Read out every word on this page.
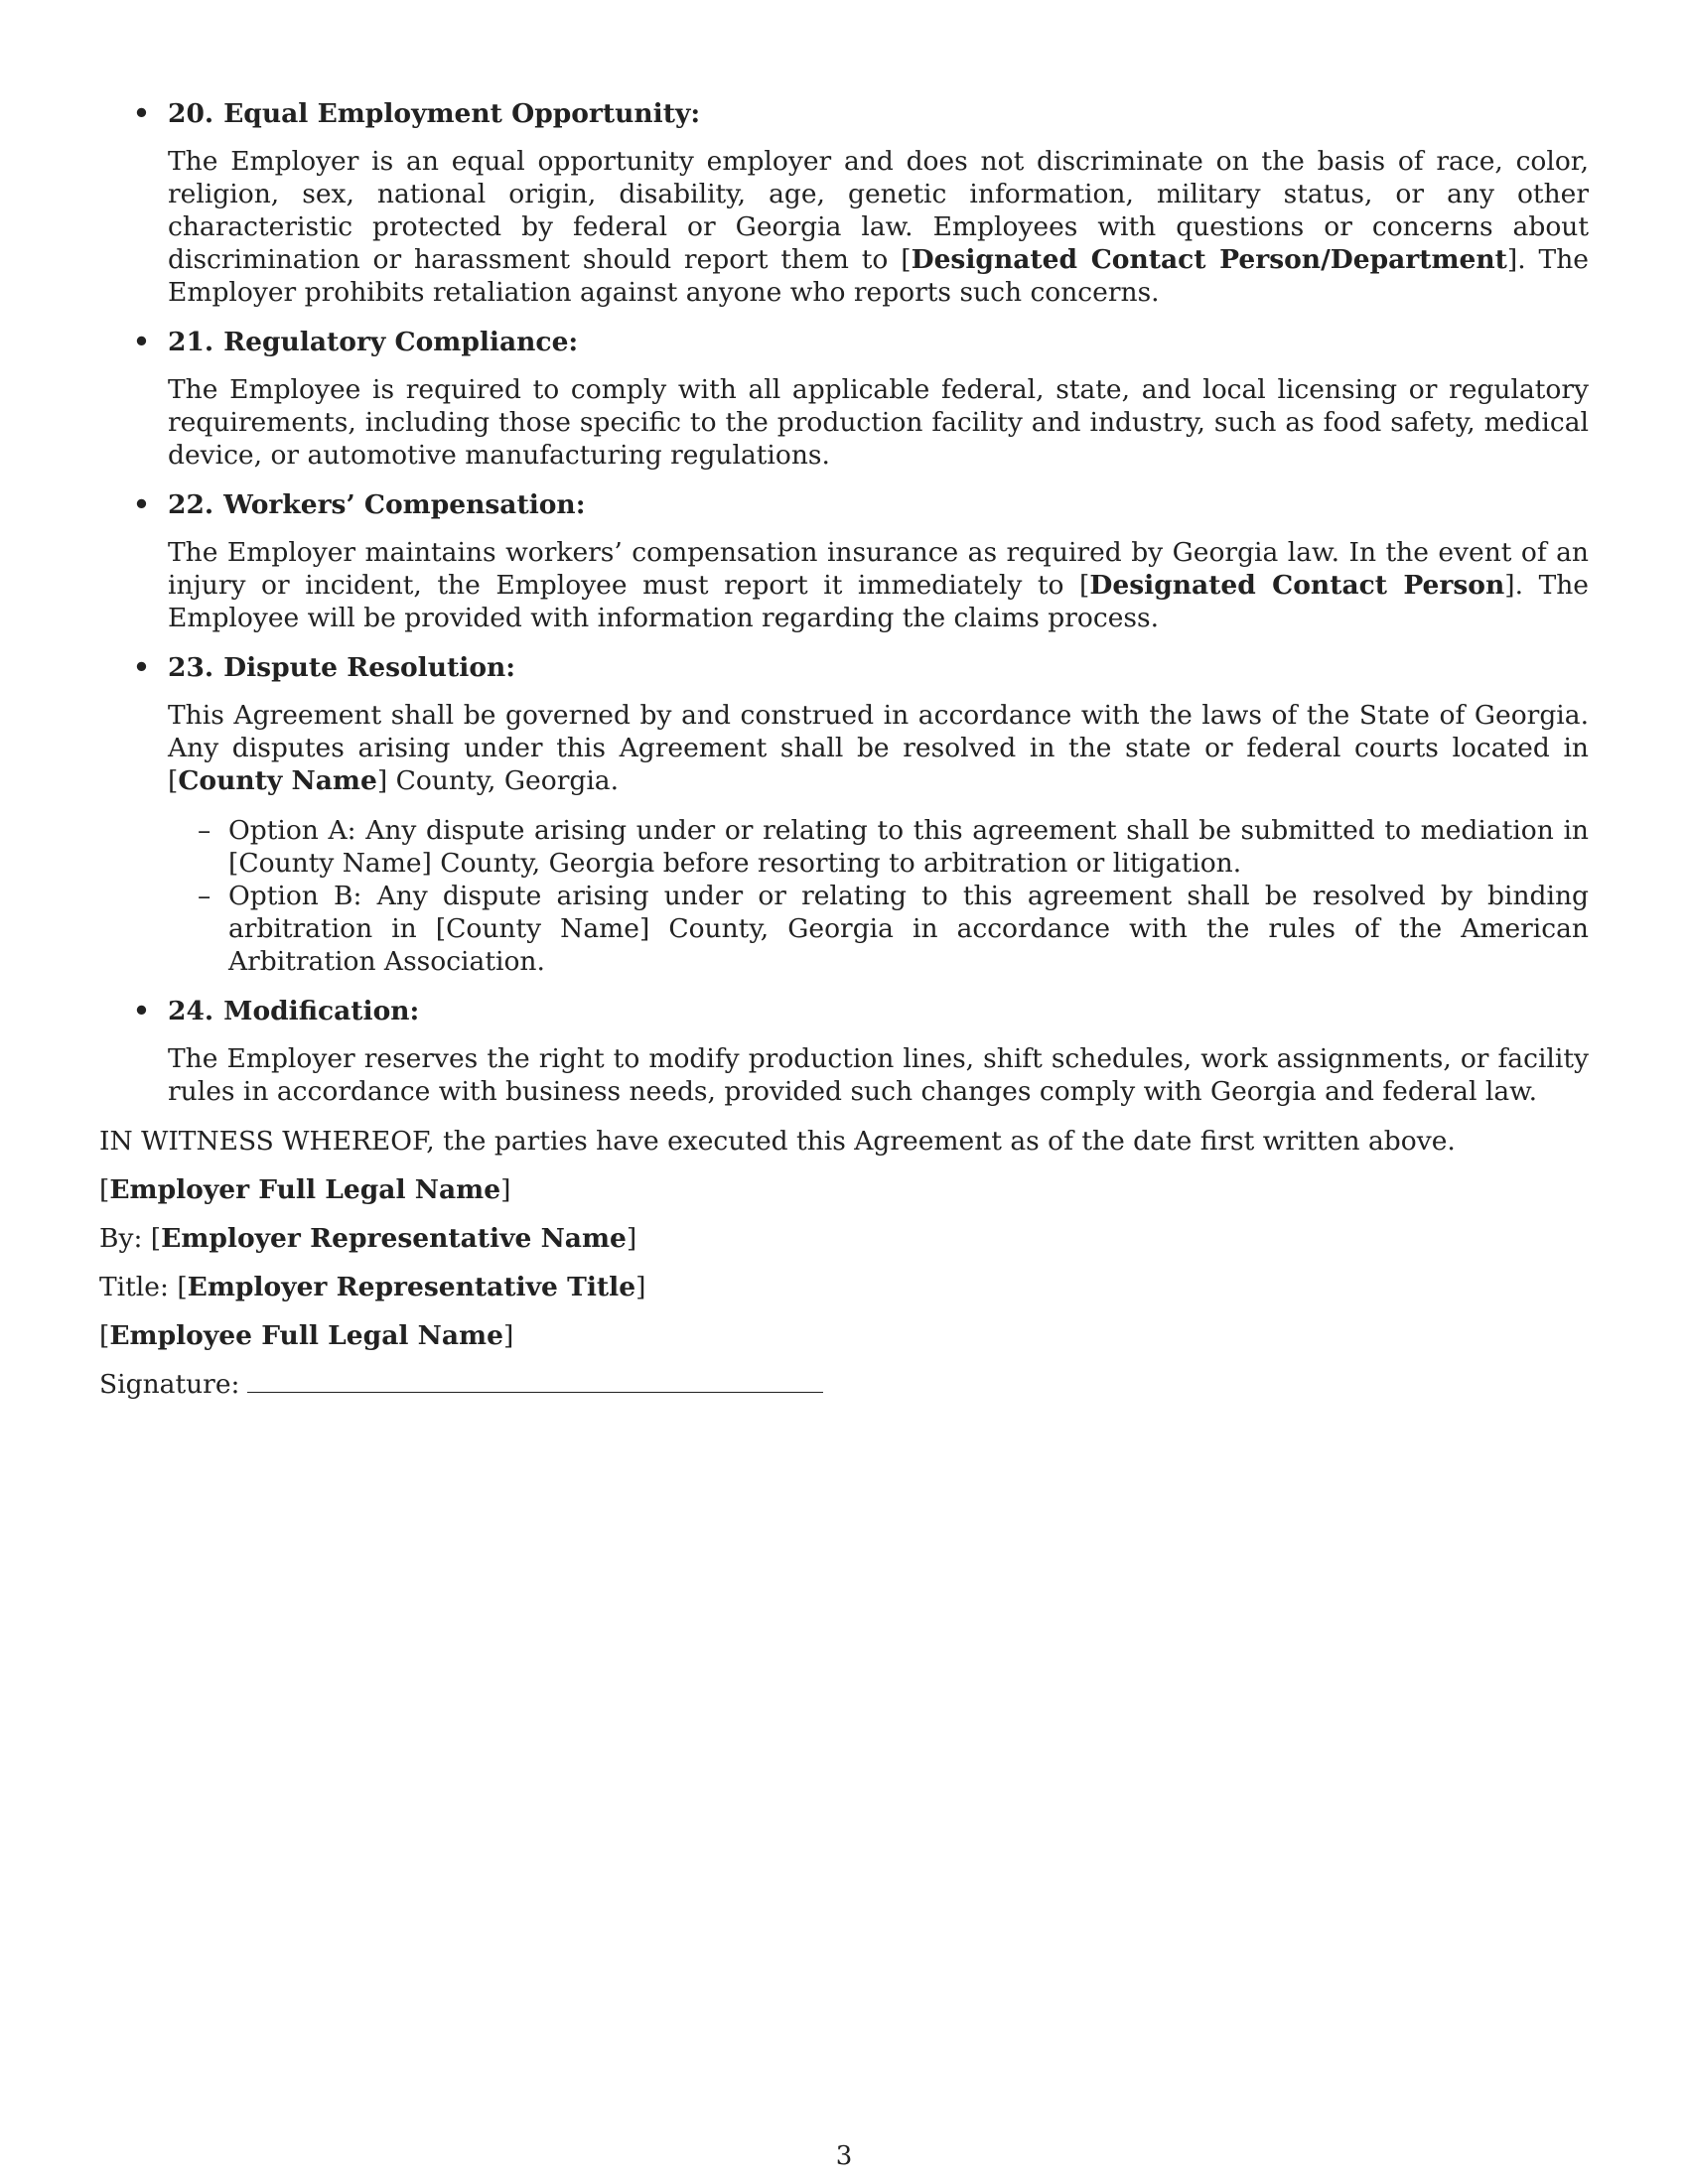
• 20. Equal Employment Opportunity:

The Employer is an equal opportunity employer and does not discriminate on the basis of race, color, religion, sex, national origin, disability, age, genetic information, military status, or any other characteristic protected by federal or Georgia law. Employees with questions or concerns about discrimination or harassment should report them to [Designated Contact Person/Department]. The Employer prohibits retaliation against anyone who reports such concerns.

• 21. Regulatory Compliance:

The Employee is required to comply with all applicable federal, state, and local licensing or regulatory requirements, including those specific to the production facility and industry, such as food safety, medical device, or automotive manufacturing regulations.

• 22. Workers’ Compensation:

The Employer maintains workers’ compensation insurance as required by Georgia law. In the event of an injury or incident, the Employee must report it immediately to [Designated Contact Person]. The Employee will be provided with information regarding the claims process.

• 23. Dispute Resolution:

This Agreement shall be governed by and construed in accordance with the laws of the State of Georgia. Any disputes arising under this Agreement shall be resolved in the state or federal courts located in [County Name] County, Georgia.

– Option A: Any dispute arising under or relating to this agreement shall be submitted to mediation in [County Name] County, Georgia before resorting to arbitration or litigation.
– Option B: Any dispute arising under or relating to this agreement shall be resolved by binding arbitration in [County Name] County, Georgia in accordance with the rules of the American Arbitration Association.
• 24. Modification:

The Employer reserves the right to modify production lines, shift schedules, work assignments, or facility rules in accordance with business needs, provided such changes comply with Georgia and federal law.

IN WITNESS WHEREOF, the parties have executed this Agreement as of the date first written above.

[Employer Full Legal Name]

By: [Employer Representative Name]

Title: [Employer Representative Title]

[Employee Full Legal Name]

Signature:

3
